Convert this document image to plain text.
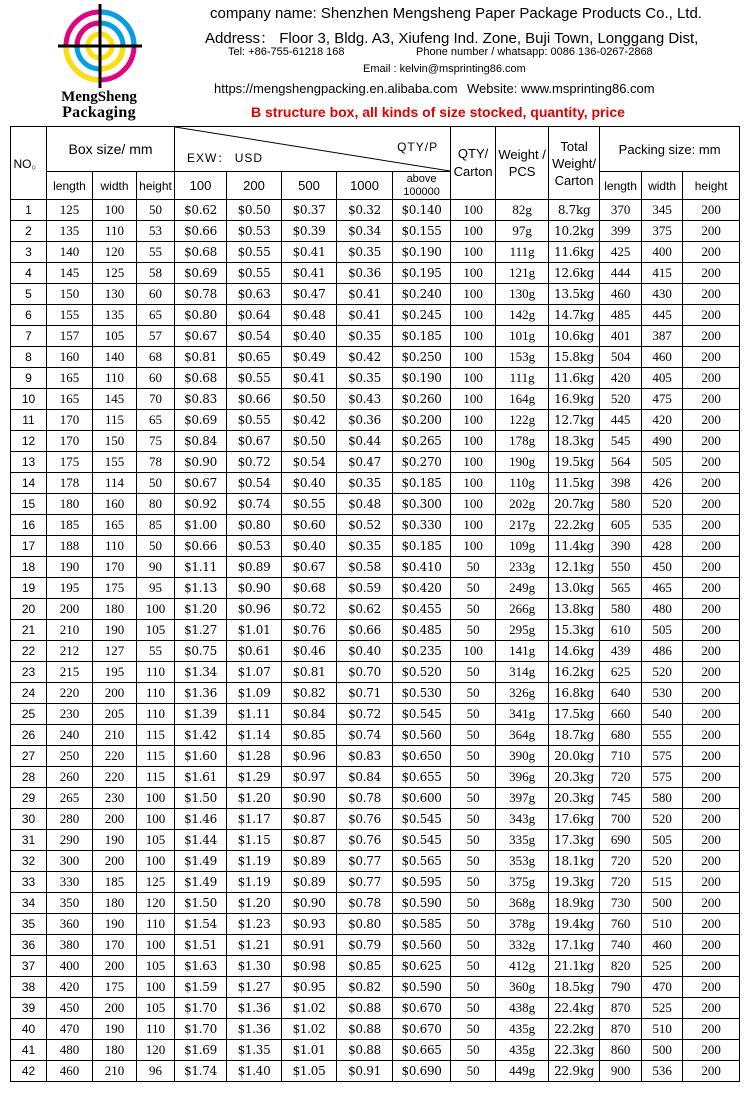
MengSheng
Packaging
company name: Shenzhen Mengsheng Paper Package Products Co., Ltd.
Address： Floor 3, Bldg. A3, Xiufeng Ind. Zone, Buji Town, Longgang Dist,
Tel: +86-755-61218 168	Phone number / whatsapp: 0086 136-0267-2868
Email : kelvin@msprinting86.com
https://mengshengpacking.en.alibaba.com Website: www.msprinting86.com
B structure box, all kinds of size stocked, quantity, price
NO。	Box size/ mm			EXW： USD
QTY/P					QTY/ Carton	Weight / PCS	Total Weight/ Carton	Packing size: mm		
	length	width	height	100	200	500	1000	above 100000				length	width	height
1	125	100	50	$0.62	$0.50	$0.37	$0.32	$0.140	100	82g	8.7kg	370	345	200
2	135	110	53	$0.66	$0.53	$0.39	$0.34	$0.155	100	97g	10.2kg	399	375	200
3	140	120	55	$0.68	$0.55	$0.41	$0.35	$0.190	100	111g	11.6kg	425	400	200
4	145	125	58	$0.69	$0.55	$0.41	$0.36	$0.195	100	121g	12.6kg	444	415	200
5	150	130	60	$0.78	$0.63	$0.47	$0.41	$0.240	100	130g	13.5kg	460	430	200
6	155	135	65	$0.80	$0.64	$0.48	$0.41	$0.245	100	142g	14.7kg	485	445	200
7	157	105	57	$0.67	$0.54	$0.40	$0.35	$0.185	100	101g	10.6kg	401	387	200
8	160	140	68	$0.81	$0.65	$0.49	$0.42	$0.250	100	153g	15.8kg	504	460	200
9	165	110	60	$0.68	$0.55	$0.41	$0.35	$0.190	100	111g	11.6kg	420	405	200
10	165	145	70	$0.83	$0.66	$0.50	$0.43	$0.260	100	164g	16.9kg	520	475	200
11	170	115	65	$0.69	$0.55	$0.42	$0.36	$0.200	100	122g	12.7kg	445	420	200
12	170	150	75	$0.84	$0.67	$0.50	$0.44	$0.265	100	178g	18.3kg	545	490	200
13	175	155	78	$0.90	$0.72	$0.54	$0.47	$0.270	100	190g	19.5kg	564	505	200
14	178	114	50	$0.67	$0.54	$0.40	$0.35	$0.185	100	110g	11.5kg	398	426	200
15	180	160	80	$0.92	$0.74	$0.55	$0.48	$0.300	100	202g	20.7kg	580	520	200
16	185	165	85	$1.00	$0.80	$0.60	$0.52	$0.330	100	217g	22.2kg	605	535	200
17	188	110	50	$0.66	$0.53	$0.40	$0.35	$0.185	100	109g	11.4kg	390	428	200
18	190	170	90	$1.11	$0.89	$0.67	$0.58	$0.410	50	233g	12.1kg	550	450	200
19	195	175	95	$1.13	$0.90	$0.68	$0.59	$0.420	50	249g	13.0kg	565	465	200
20	200	180	100	$1.20	$0.96	$0.72	$0.62	$0.455	50	266g	13.8kg	580	480	200
21	210	190	105	$1.27	$1.01	$0.76	$0.66	$0.485	50	295g	15.3kg	610	505	200
22	212	127	55	$0.75	$0.61	$0.46	$0.40	$0.235	100	141g	14.6kg	439	486	200
23	215	195	110	$1.34	$1.07	$0.81	$0.70	$0.520	50	314g	16.2kg	625	520	200
24	220	200	110	$1.36	$1.09	$0.82	$0.71	$0.530	50	326g	16.8kg	640	530	200
25	230	205	110	$1.39	$1.11	$0.84	$0.72	$0.545	50	341g	17.5kg	660	540	200
26	240	210	115	$1.42	$1.14	$0.85	$0.74	$0.560	50	364g	18.7kg	680	555	200
27	250	220	115	$1.60	$1.28	$0.96	$0.83	$0.650	50	390g	20.0kg	710	575	200
28	260	220	115	$1.61	$1.29	$0.97	$0.84	$0.655	50	396g	20.3kg	720	575	200
29	265	230	100	$1.50	$1.20	$0.90	$0.78	$0.600	50	397g	20.3kg	745	580	200
30	280	200	100	$1.46	$1.17	$0.87	$0.76	$0.545	50	343g	17.6kg	700	520	200
31	290	190	105	$1.44	$1.15	$0.87	$0.76	$0.545	50	335g	17.3kg	690	505	200
32	300	200	100	$1.49	$1.19	$0.89	$0.77	$0.565	50	353g	18.1kg	720	520	200
33	330	185	125	$1.49	$1.19	$0.89	$0.77	$0.595	50	375g	19.3kg	720	515	200
34	350	180	120	$1.50	$1.20	$0.90	$0.78	$0.590	50	368g	18.9kg	730	500	200
35	360	190	110	$1.54	$1.23	$0.93	$0.80	$0.585	50	378g	19.4kg	760	510	200
36	380	170	100	$1.51	$1.21	$0.91	$0.79	$0.560	50	332g	17.1kg	740	460	200
37	400	200	105	$1.63	$1.30	$0.98	$0.85	$0.625	50	412g	21.1kg	820	525	200
38	420	175	100	$1.59	$1.27	$0.95	$0.82	$0.590	50	360g	18.5kg	790	470	200
39	450	200	105	$1.70	$1.36	$1.02	$0.88	$0.670	50	438g	22.4kg	870	525	200
40	470	190	110	$1.70	$1.36	$1.02	$0.88	$0.670	50	435g	22.2kg	870	510	200
41	480	180	120	$1.69	$1.35	$1.01	$0.88	$0.665	50	435g	22.3kg	860	500	200
42	460	210	96	$1.74	$1.40	$1.05	$0.91	$0.690	50	449g	22.9kg	900	536	200
